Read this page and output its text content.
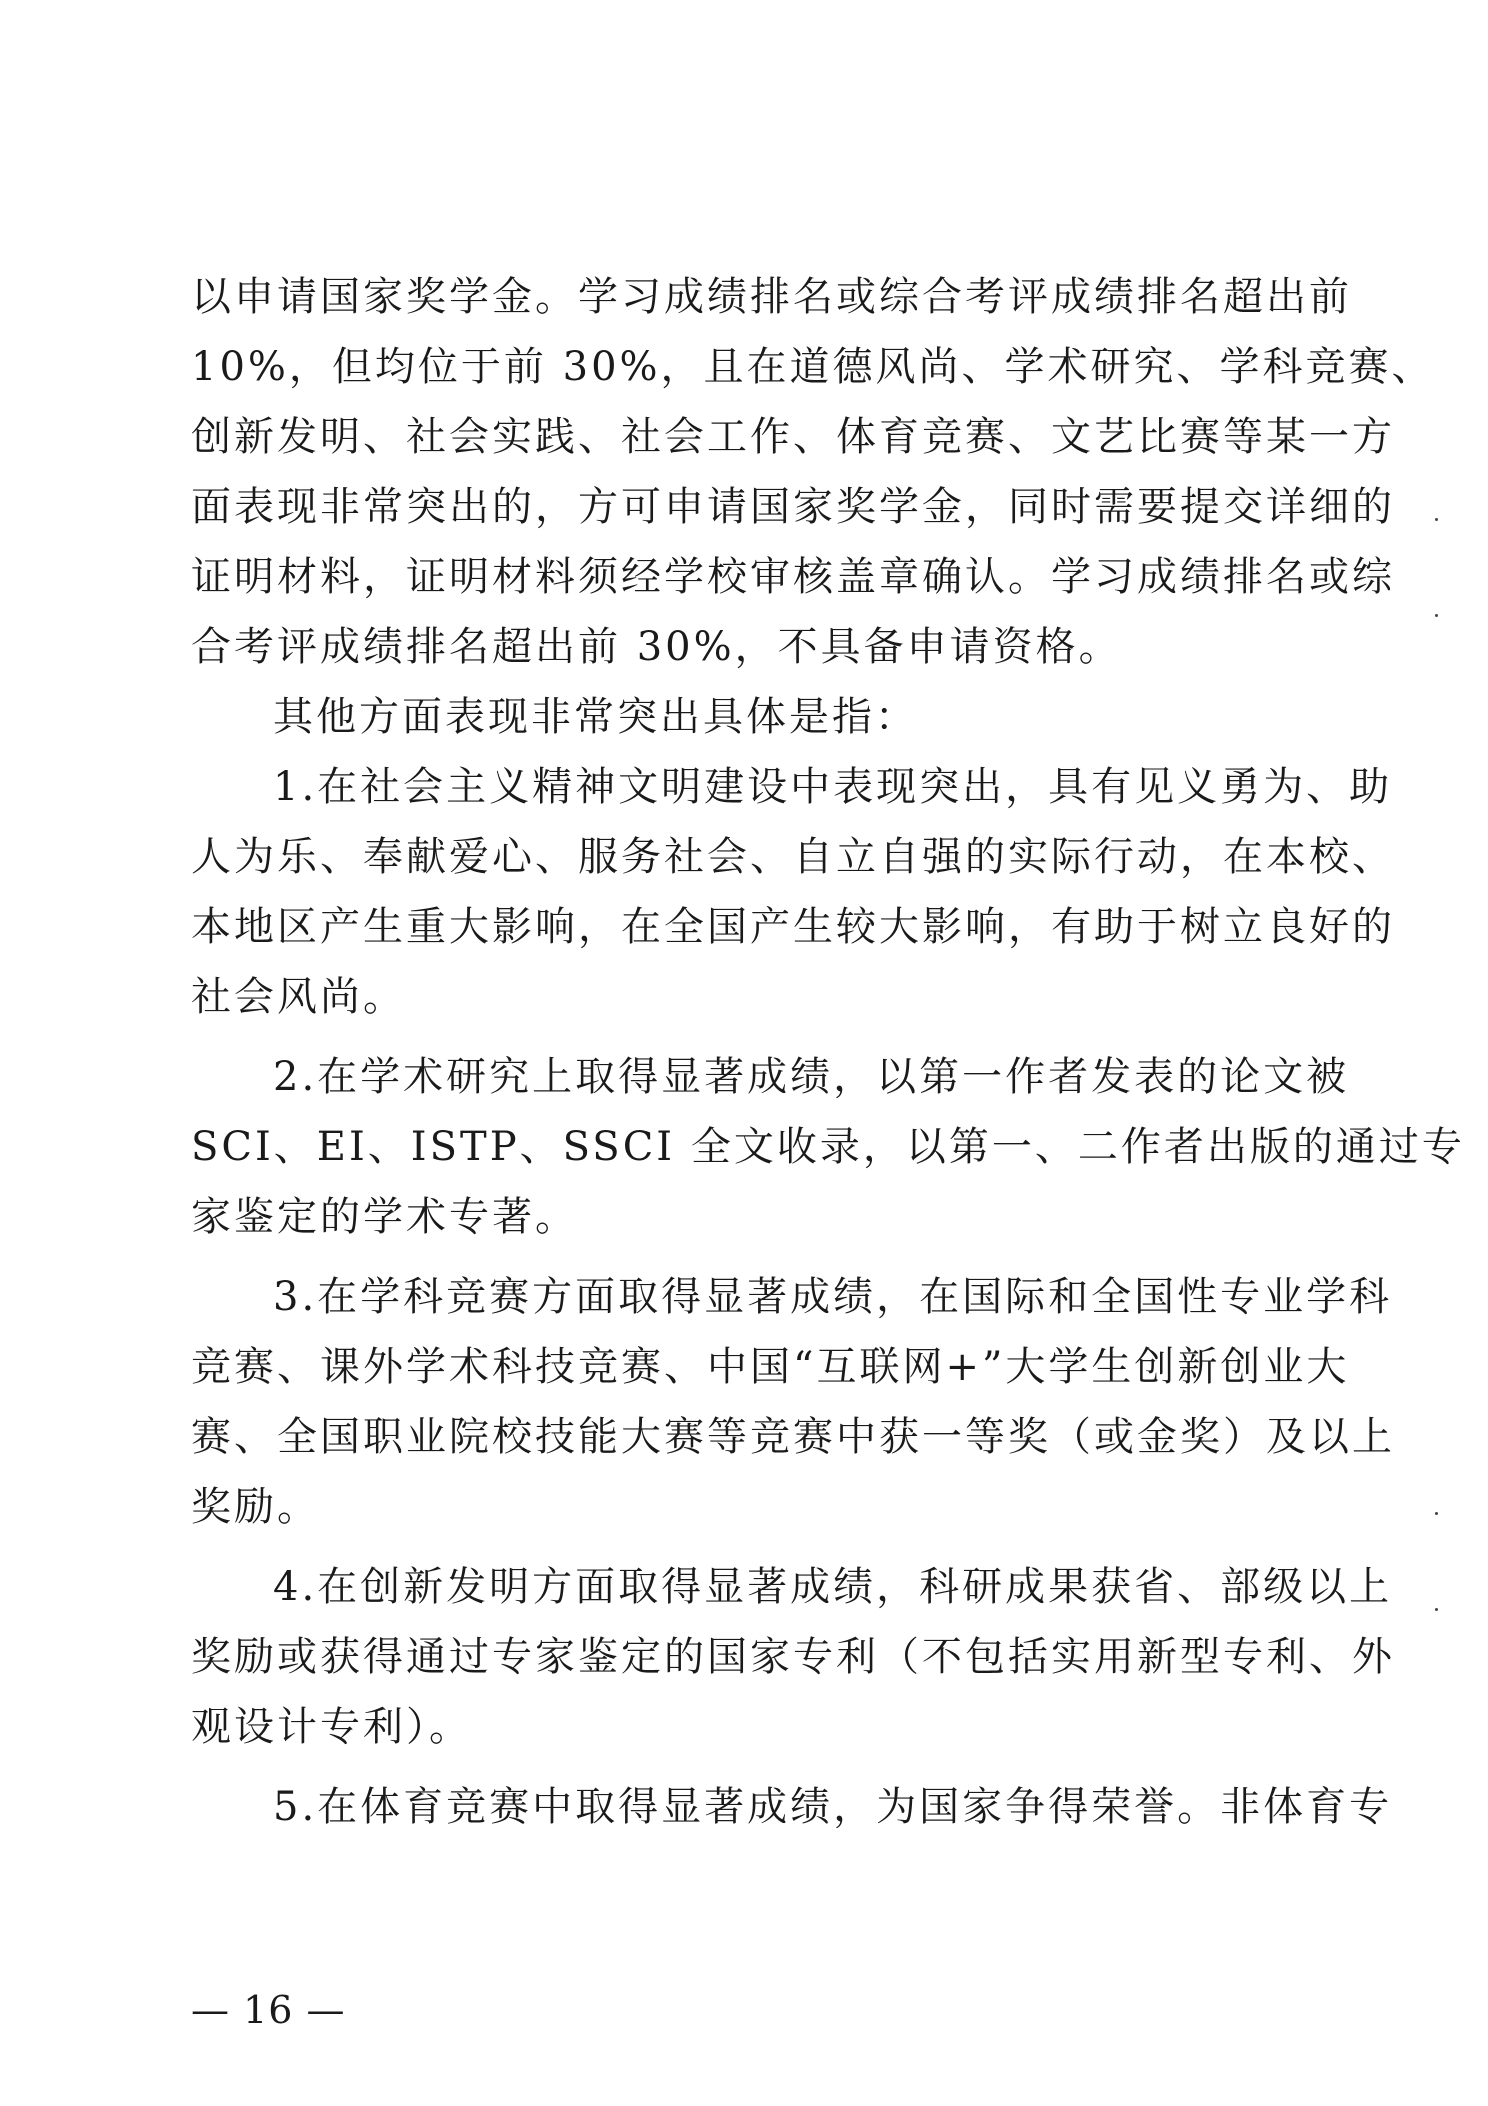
以申请国家奖学金。学习成绩排名或综合考评成绩排名超出前
10%，但均位于前 30%，且在道德风尚、学术研究、学科竞赛、
创新发明、社会实践、社会工作、体育竞赛、文艺比赛等某一方
面表现非常突出的，方可申请国家奖学金，同时需要提交详细的
证明材料，证明材料须经学校审核盖章确认。学习成绩排名或综
合考评成绩排名超出前 30%，不具备申请资格。
其他方面表现非常突出具体是指：
1.在社会主义精神文明建设中表现突出，具有见义勇为、助
人为乐、奉献爱心、服务社会、自立自强的实际行动，在本校、
本地区产生重大影响，在全国产生较大影响，有助于树立良好的
社会风尚。
2.在学术研究上取得显著成绩，以第一作者发表的论文被
SCI、EI、ISTP、SSCI 全文收录，以第一、二作者出版的通过专
家鉴定的学术专著。
3.在学科竞赛方面取得显著成绩，在国际和全国性专业学科
竞赛、课外学术科技竞赛、中国“互联网+”大学生创新创业大
赛、全国职业院校技能大赛等竞赛中获一等奖（或金奖）及以上
奖励。
4.在创新发明方面取得显著成绩，科研成果获省、部级以上
奖励或获得通过专家鉴定的国家专利（不包括实用新型专利、外
观设计专利）。
5.在体育竞赛中取得显著成绩，为国家争得荣誉。非体育专
— 16 —
